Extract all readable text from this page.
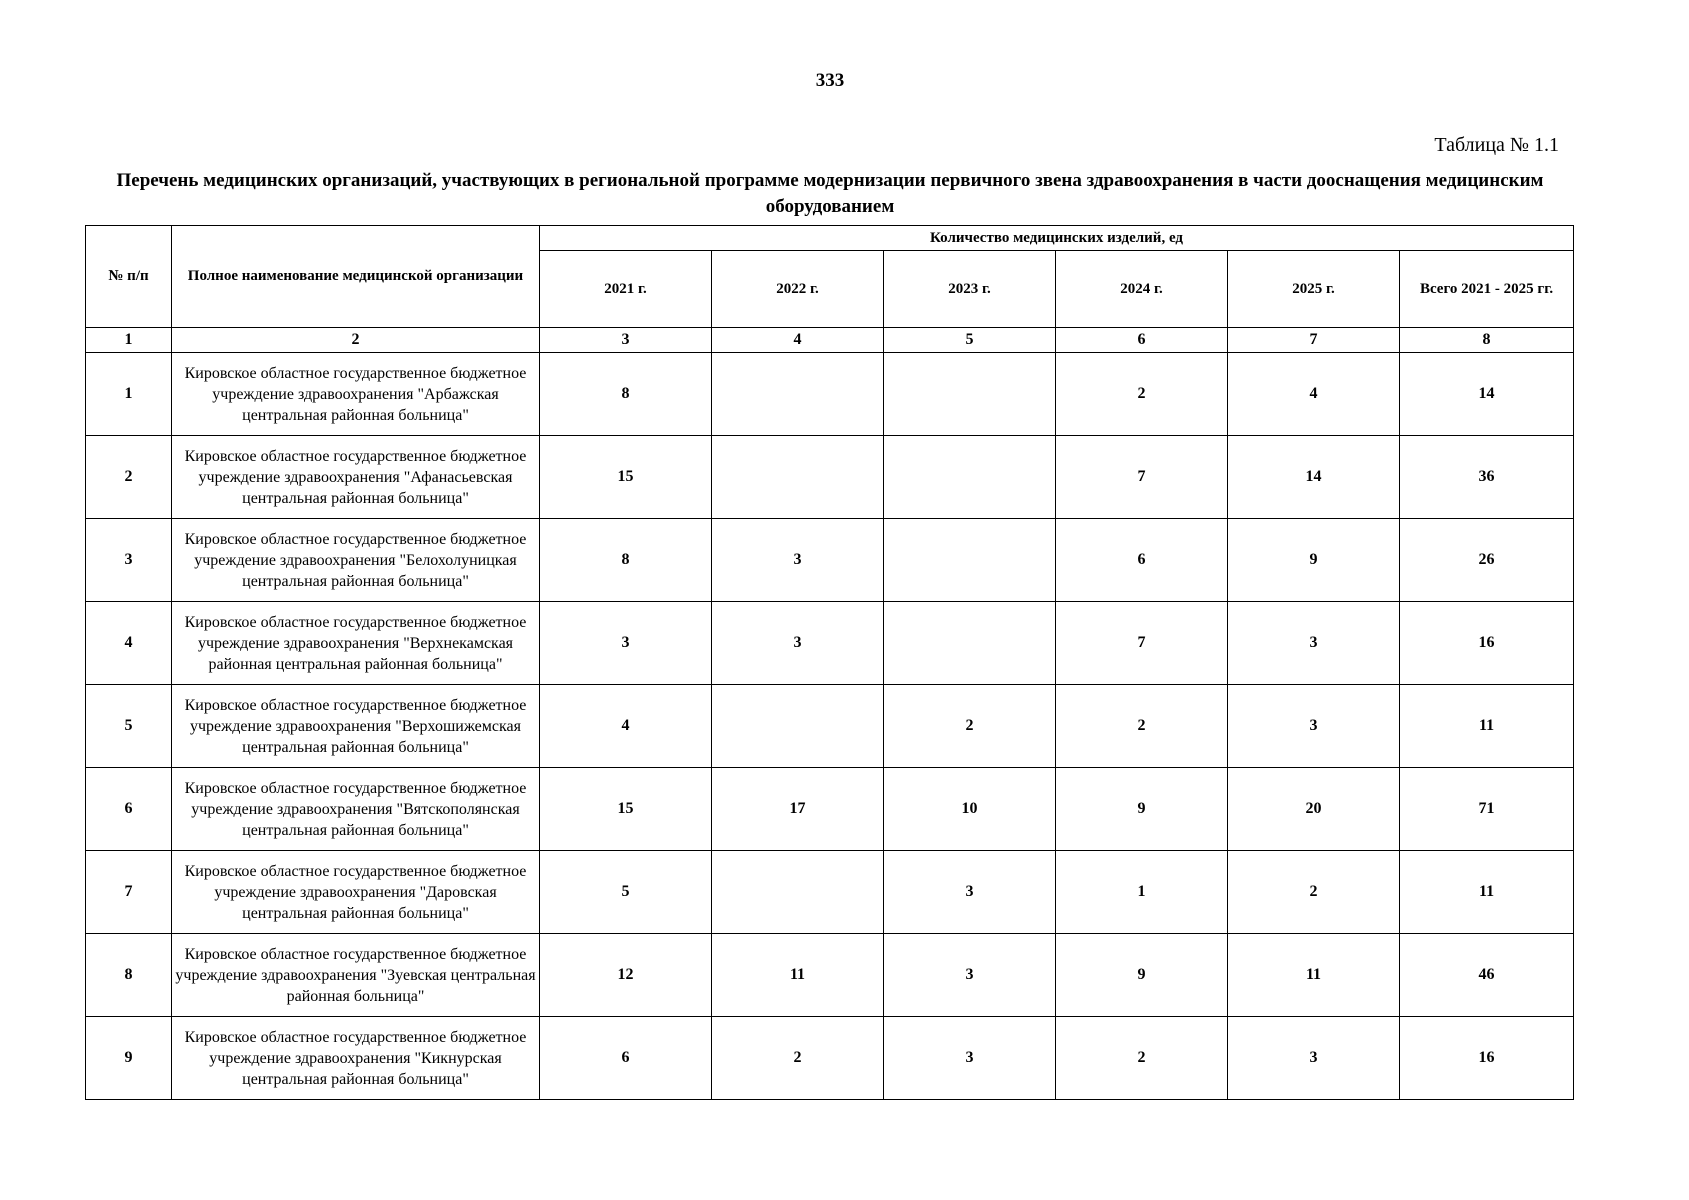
333
Таблица № 1.1
Перечень медицинских организаций, участвующих в региональной программе модернизации первичного звена здравоохранения в части дооснащения медицинским оборудованием
№ п/п	Полное наименование медицинской организации	Количество медицинских изделий, ед					
		2021 г.	2022 г.	2023 г.	2024 г.	2025 г.	Всего 2021 - 2025 гг.
1	2	3	4	5	6	7	8
1	Кировское областное государственное бюджетное учреждение здравоохранения "Арбажская центральная районная больница"	8			2	4	14
2	Кировское областное государственное бюджетное учреждение здравоохранения "Афанасьевская центральная районная больница"	15			7	14	36
3	Кировское областное государственное бюджетное учреждение здравоохранения "Белохолуницкая центральная районная больница"	8	3		6	9	26
4	Кировское областное государственное бюджетное учреждение здравоохранения "Верхнекамская районная центральная районная больница"	3	3		7	3	16
5	Кировское областное государственное бюджетное учреждение здравоохранения "Верхошижемская центральная районная больница"	4		2	2	3	11
6	Кировское областное государственное бюджетное учреждение здравоохранения "Вятскополянская центральная районная больница"	15	17	10	9	20	71
7	Кировское областное государственное бюджетное учреждение здравоохранения "Даровская центральная районная больница"	5		3	1	2	11
8	Кировское областное государственное бюджетное учреждение здравоохранения "Зуевская центральная районная больница"	12	11	3	9	11	46
9	Кировское областное государственное бюджетное учреждение здравоохранения "Кикнурская центральная районная больница"	6	2	3	2	3	16
